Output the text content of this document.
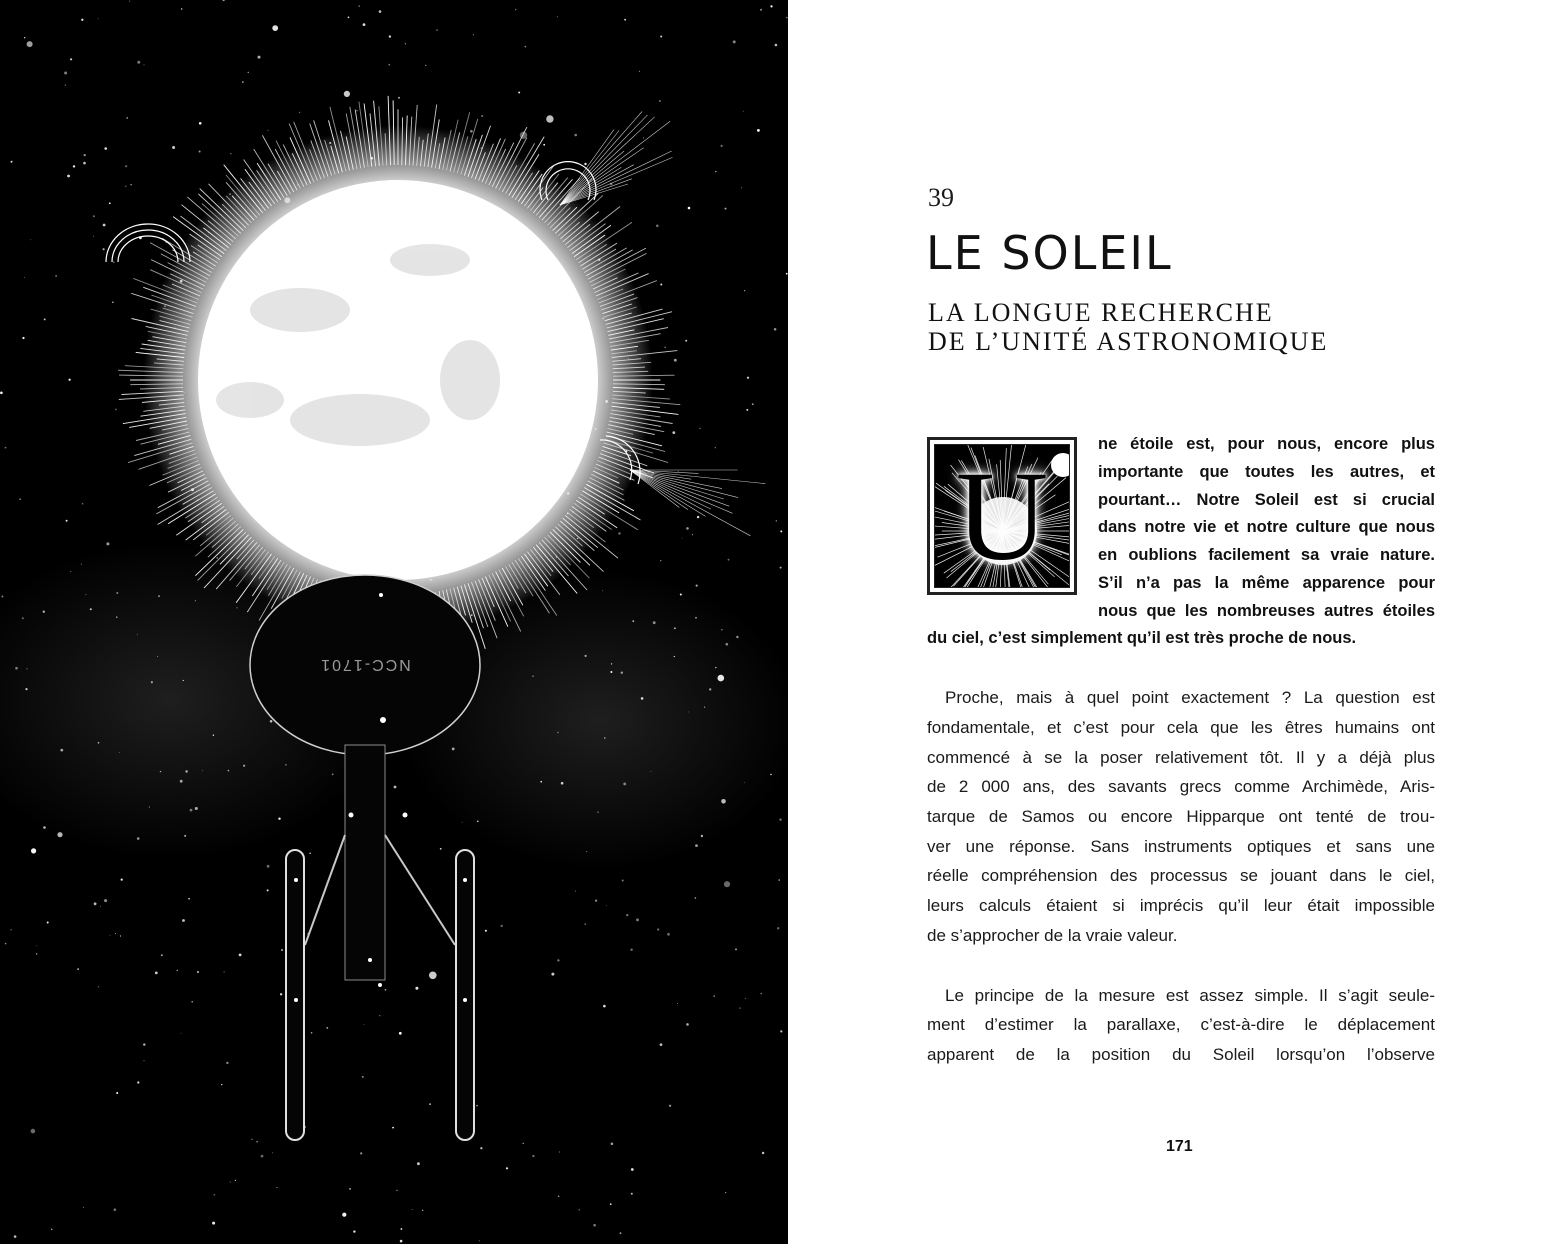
NCC-1701
39
LE SOLEIL
LA LONGUE RECHERCHE
DE L’UNITÉ ASTRONOMIQUE
U
ne étoile est, pour nous, encore plus
importante que toutes les autres, et
pourtant… Notre Soleil est si crucial
dans notre vie et notre culture que nous
en oublions facilement sa vraie nature.
S’il n’a pas la même apparence pour
nous que les nombreuses autres étoiles
du ciel, c’est simplement qu’il est très proche de nous.
Proche, mais à quel point exactement ? La question est
fondamentale, et c’est pour cela que les êtres humains ont
commencé à se la poser relativement tôt. Il y a déjà plus
de 2 000 ans, des savants grecs comme Archimède, Aris-
tarque de Samos ou encore Hipparque ont tenté de trou-
ver une réponse. Sans instruments optiques et sans une
réelle compréhension des processus se jouant dans le ciel,
leurs calculs étaient si imprécis qu’il leur était impossible
de s’approcher de la vraie valeur.
Le principe de la mesure est assez simple. Il s’agit seule-
ment d’estimer la parallaxe, c’est-à-dire le déplacement
apparent de la position du Soleil lorsqu’on l’observe
171
